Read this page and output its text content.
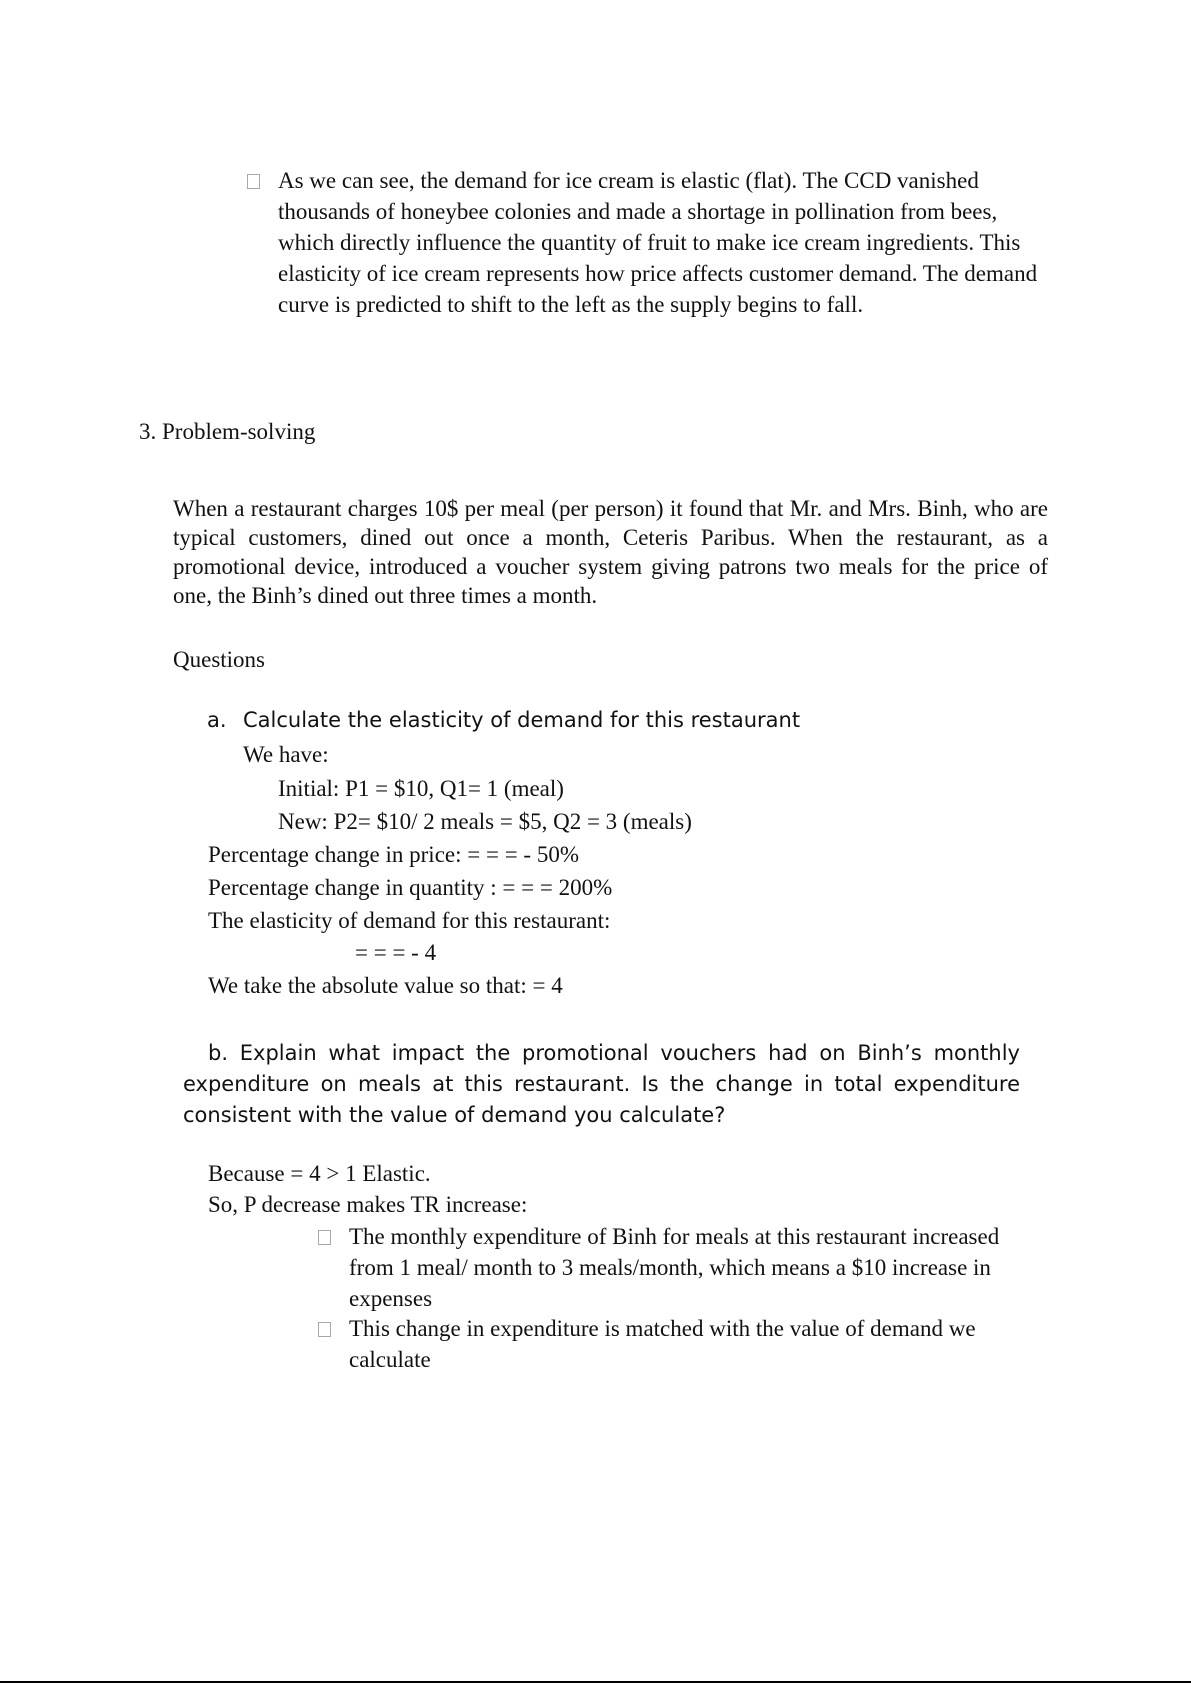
As we can see, the demand for ice cream is elastic (flat). The CCD vanished thousands of honeybee colonies and made a shortage in pollination from bees, which directly influence the quantity of fruit to make ice cream ingredients. This elasticity of ice cream represents how price affects customer demand. The demand curve is predicted to shift to the left as the supply begins to fall.
3. Problem-solving
When a restaurant charges 10$ per meal (per person) it found that Mr. and Mrs. Binh, who are typical customers, dined out once a month, Ceteris Paribus. When the restaurant, as a promotional device, introduced a voucher system giving patrons two meals for the price of one, the Binh’s dined out three times a month.
Questions
a. Calculate the elasticity of demand for this restaurant
We have:
Initial: P1 = $10, Q1= 1 (meal)
New: P2= $10/ 2 meals = $5, Q2 = 3 (meals)
Percentage change in price: = = = - 50%
Percentage change in quantity : = = = 200%
The elasticity of demand for this restaurant:
= = = - 4
We take the absolute value so that: = 4
b. Explain what impact the promotional vouchers had on Binh’s monthly expenditure on meals at this restaurant. Is the change in total expenditure consistent with the value of demand you calculate?
Because = 4 > 1 Elastic.
So, P decrease makes TR increase:
The monthly expenditure of Binh for meals at this restaurant increased from 1 meal/ month to 3 meals/month, which means a $10 increase in expenses
This change in expenditure is matched with the value of demand we calculate
